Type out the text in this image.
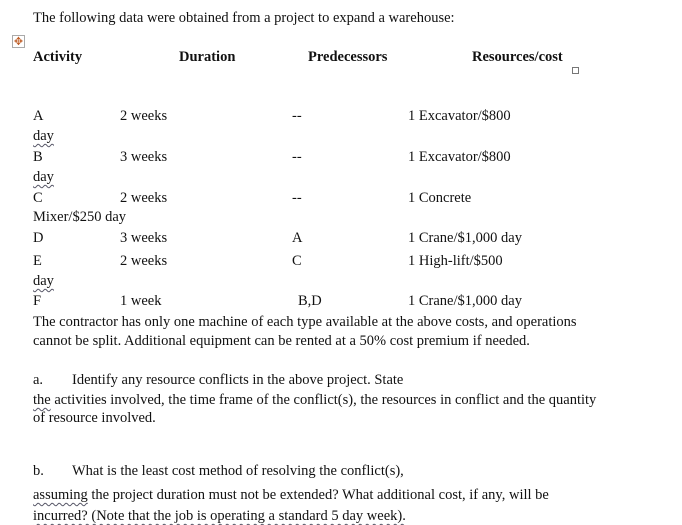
The following data were obtained from a project to expand a warehouse:
✥
Activity	Duration	Predecessors	Resources/cost
A	2 weeks	--	1 Excavator/$800
day
B	3 weeks	--	1 Excavator/$800
day
C	2 weeks	--	1 Concrete
Mixer/$250 day
D	3 weeks	A	1 Crane/$1,000 day
E	2 weeks	C	1 High-lift/$500
day
F	1 week	B,D	1 Crane/$1,000 day
The contractor has only one machine of each type available at the above costs, and operations
cannot be split. Additional equipment can be rented at a 50% cost premium if needed.
a. Identify any resource conflicts in the above project. State
the activities involved, the time frame of the conflict(s), the resources in conflict and the quantity
of resource involved.
b. What is the least cost method of resolving the conflict(s),
assuming the project duration must not be extended? What additional cost, if any, will be
incurred? (Note that the job is operating a standard 5 day week).
